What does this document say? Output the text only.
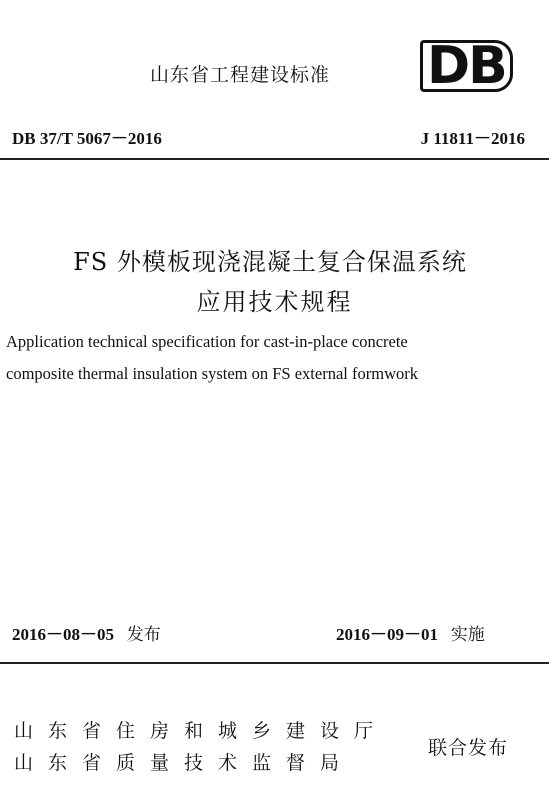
山东省工程建设标准 DB
DB 37/T 5067－2016	J 11811－2016
FS 外模板现浇混凝土复合保温系统
应用技术规程
Application technical specification for cast-in-place concrete
composite thermal insulation system on FS external formwork
2016－08－05 发布	2016－09－01 实施
山东省住房和城乡建设厅
山东省质量技术监督局
联合发布
